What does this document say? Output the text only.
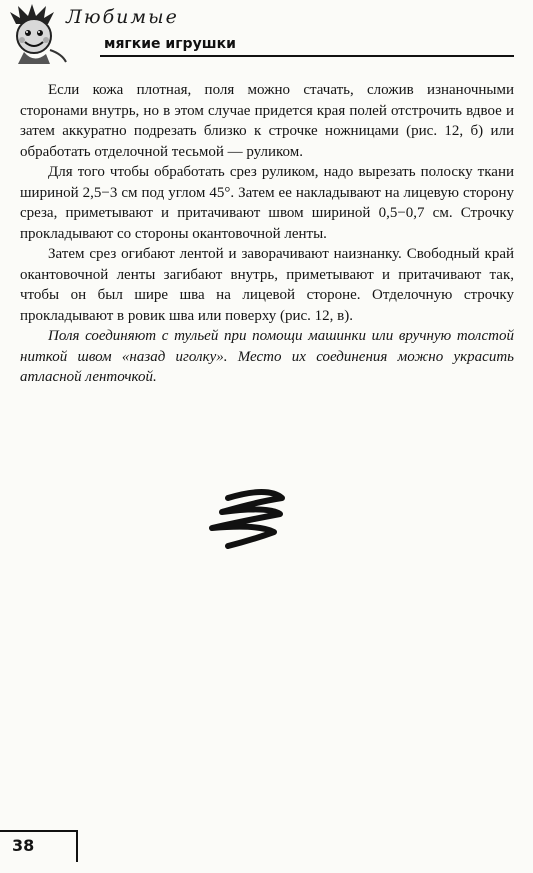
Любимые
мягкие игрушки

Если кожа плотная, поля можно стачать, сложив изнаночными сторонами внутрь, но в этом случае придется края полей отстрочить вдвое и затем аккуратно подрезать близко к строчке ножницами (рис. 12, б) или обработать отделочной тесьмой — руликом.

Для того чтобы обработать срез руликом, надо вырезать полоску ткани шириной 2,5−3 см под углом 45°. Затем ее накладывают на лицевую сторону среза, приметывают и притачивают швом шириной 0,5−0,7 см. Строчку прокладывают со стороны окантовочной ленты.

Затем срез огибают лентой и заворачивают наизнанку. Свободный край окантовочной ленты загибают внутрь, приметывают и притачивают так, чтобы он был шире шва на лицевой стороне. Отделочную строчку прокладывают в ровик шва или поверху (рис. 12, в).

Поля соединяют с тульей при помощи машинки или вручную толстой ниткой швом «назад иголку». Место их соединения можно украсить атласной ленточкой.

38
